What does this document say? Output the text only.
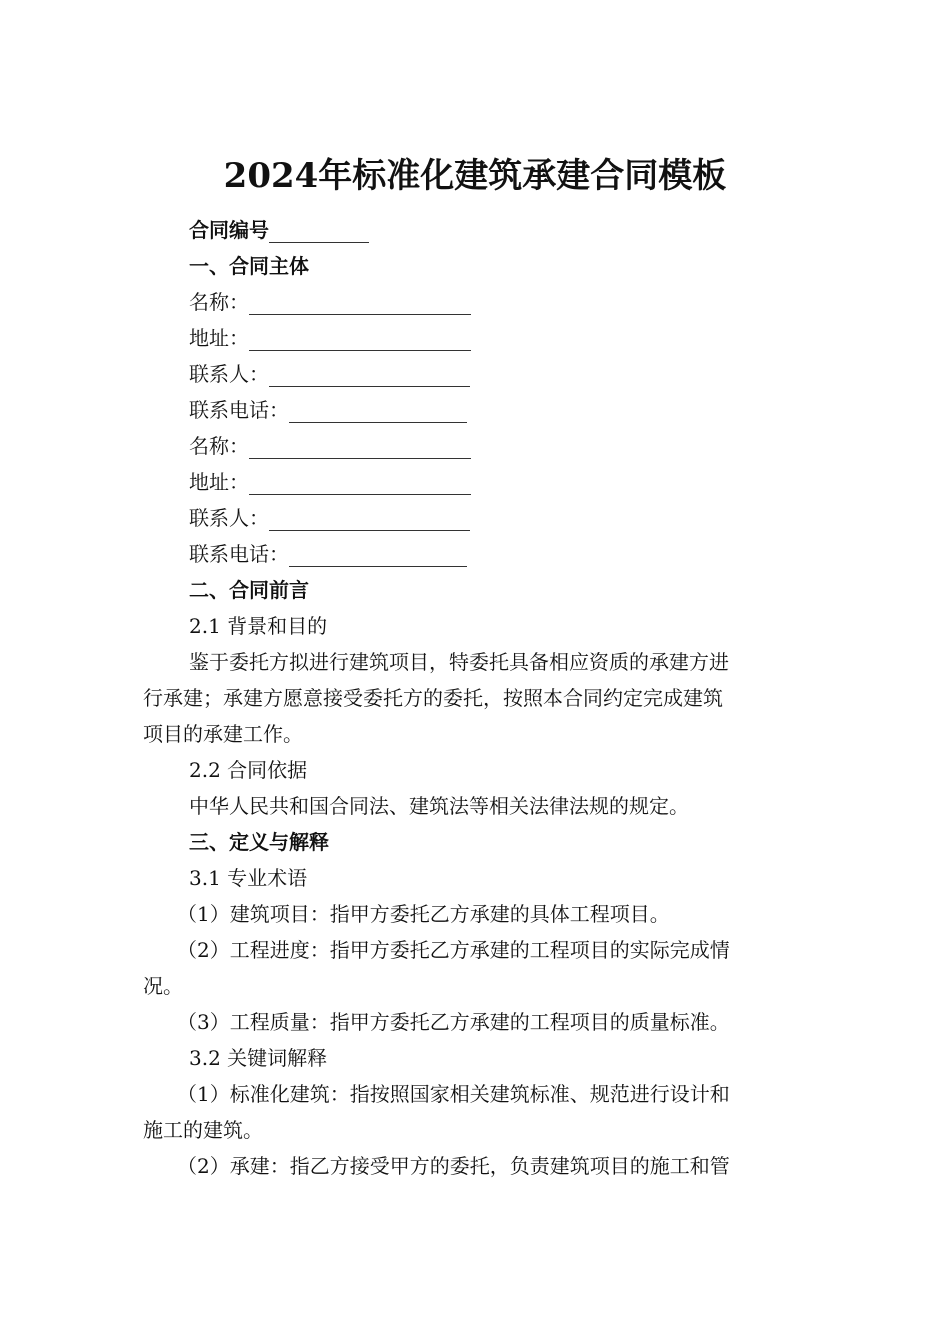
2024年标准化建筑承建合同模板

合同编号

一、合同主体

名称：

地址：

联系人：

联系电话：

名称：

地址：

联系人：

联系电话：

二、合同前言

2.1 背景和目的

鉴于委托方拟进行建筑项目，特委托具备相应资质的承建方进

行承建；承建方愿意接受委托方的委托，按照本合同约定完成建筑

项目的承建工作。

2.2 合同依据

中华人民共和国合同法、建筑法等相关法律法规的规定。

三、定义与解释

3.1 专业术语

（1）建筑项目：指甲方委托乙方承建的具体工程项目。

（2）工程进度：指甲方委托乙方承建的工程项目的实际完成情

况。

（3）工程质量：指甲方委托乙方承建的工程项目的质量标准。

3.2 关键词解释

（1）标准化建筑：指按照国家相关建筑标准、规范进行设计和

施工的建筑。

（2）承建：指乙方接受甲方的委托，负责建筑项目的施工和管
